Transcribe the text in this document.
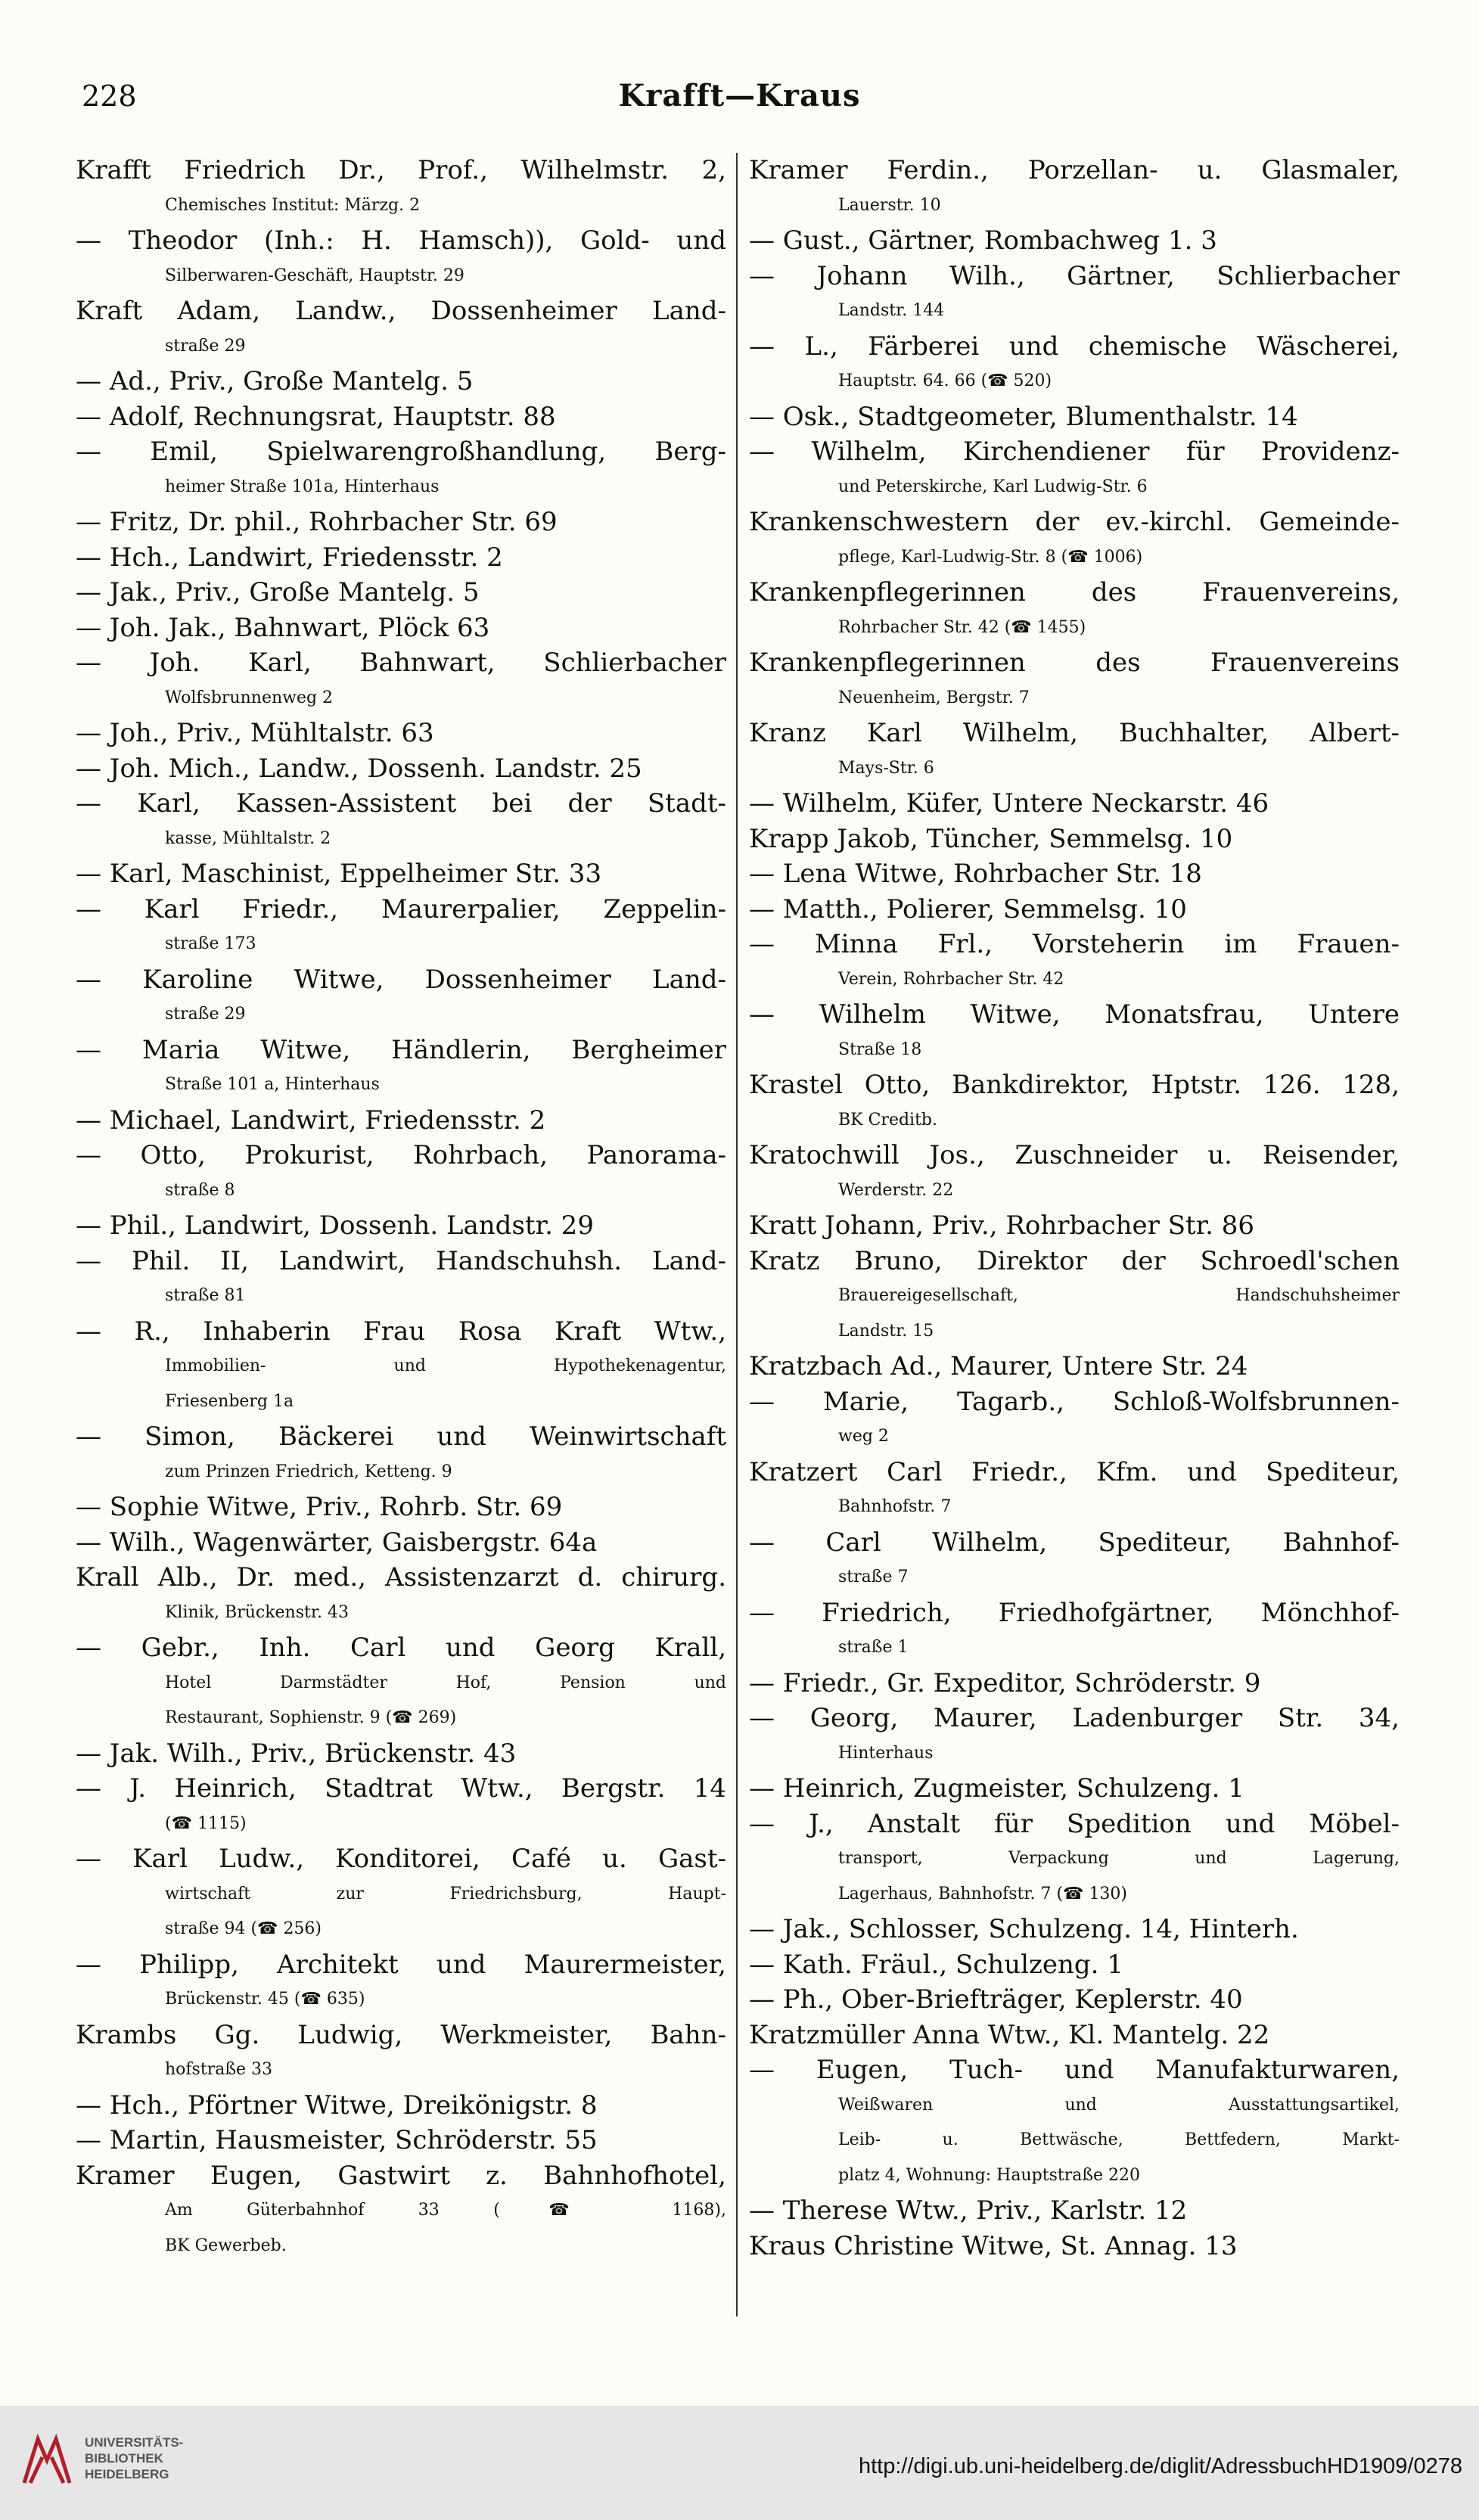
228	Krafft—Kraus
Krafft Friedrich Dr., Prof., Wilhelmstr. 2,
Chemisches Institut: Märzg. 2
— Theodor (Inh.: H. Hamsch)), Gold- und
Silberwaren-Geschäft, Hauptstr. 29
Kraft Adam, Landw., Dossenheimer Land-
straße 29
— Ad., Priv., Große Mantelg. 5
— Adolf, Rechnungsrat, Hauptstr. 88
— Emil, Spielwarengroßhandlung, Berg-
heimer Straße 101a, Hinterhaus
— Fritz, Dr. phil., Rohrbacher Str. 69
— Hch., Landwirt, Friedensstr. 2
— Jak., Priv., Große Mantelg. 5
— Joh. Jak., Bahnwart, Plöck 63
— Joh. Karl, Bahnwart, Schlierbacher
Wolfsbrunnenweg 2
— Joh., Priv., Mühltalstr. 63
— Joh. Mich., Landw., Dossenh. Landstr. 25
— Karl, Kassen-Assistent bei der Stadt-
kasse, Mühltalstr. 2
— Karl, Maschinist, Eppelheimer Str. 33
— Karl Friedr., Maurerpalier, Zeppelin-
straße 173
— Karoline Witwe, Dossenheimer Land-
straße 29
— Maria Witwe, Händlerin, Bergheimer
Straße 101 a, Hinterhaus
— Michael, Landwirt, Friedensstr. 2
— Otto, Prokurist, Rohrbach, Panorama-
straße 8
— Phil., Landwirt, Dossenh. Landstr. 29
— Phil. II, Landwirt, Handschuhsh. Land-
straße 81
— R., Inhaberin Frau Rosa Kraft Wtw.,
Immobilien- und Hypothekenagentur,
Friesenberg 1a
— Simon, Bäckerei und Weinwirtschaft
zum Prinzen Friedrich, Ketteng. 9
— Sophie Witwe, Priv., Rohrb. Str. 69
— Wilh., Wagenwärter, Gaisbergstr. 64a
Krall Alb., Dr. med., Assistenzarzt d. chirurg.
Klinik, Brückenstr. 43
— Gebr., Inh. Carl und Georg Krall,
Hotel Darmstädter Hof, Pension und
Restaurant, Sophienstr. 9 (☎ 269)
— Jak. Wilh., Priv., Brückenstr. 43
— J. Heinrich, Stadtrat Wtw., Bergstr. 14
(☎ 1115)
— Karl Ludw., Konditorei, Café u. Gast-
wirtschaft zur Friedrichsburg, Haupt-
straße 94 (☎ 256)
— Philipp, Architekt und Maurermeister,
Brückenstr. 45 (☎ 635)
Krambs Gg. Ludwig, Werkmeister, Bahn-
hofstraße 33
— Hch., Pförtner Witwe, Dreikönigstr. 8
— Martin, Hausmeister, Schröderstr. 55
Kramer Eugen, Gastwirt z. Bahnhofhotel,
Am Güterbahnhof 33 (☎ 1168),
BK Gewerbeb.
Kramer Ferdin., Porzellan- u. Glasmaler,
Lauerstr. 10
— Gust., Gärtner, Rombachweg 1. 3
— Johann Wilh., Gärtner, Schlierbacher
Landstr. 144
— L., Färberei und chemische Wäscherei,
Hauptstr. 64. 66 (☎ 520)
— Osk., Stadtgeometer, Blumenthalstr. 14
— Wilhelm, Kirchendiener für Providenz-
und Peterskirche, Karl Ludwig-Str. 6
Krankenschwestern der ev.-kirchl. Gemeinde-
pflege, Karl-Ludwig-Str. 8 (☎ 1006)
Krankenpflegerinnen des Frauenvereins,
Rohrbacher Str. 42 (☎ 1455)
Krankenpflegerinnen des Frauenvereins
Neuenheim, Bergstr. 7
Kranz Karl Wilhelm, Buchhalter, Albert-
Mays-Str. 6
— Wilhelm, Küfer, Untere Neckarstr. 46
Krapp Jakob, Tüncher, Semmelsg. 10
— Lena Witwe, Rohrbacher Str. 18
— Matth., Polierer, Semmelsg. 10
— Minna Frl., Vorsteherin im Frauen-
Verein, Rohrbacher Str. 42
— Wilhelm Witwe, Monatsfrau, Untere
Straße 18
Krastel Otto, Bankdirektor, Hptstr. 126. 128,
BK Creditb.
Kratochwill Jos., Zuschneider u. Reisender,
Werderstr. 22
Kratt Johann, Priv., Rohrbacher Str. 86
Kratz Bruno, Direktor der Schroedl'schen
Brauereigesellschaft, Handschuhsheimer
Landstr. 15
Kratzbach Ad., Maurer, Untere Str. 24
— Marie, Tagarb., Schloß-Wolfsbrunnen-
weg 2
Kratzert Carl Friedr., Kfm. und Spediteur,
Bahnhofstr. 7
— Carl Wilhelm, Spediteur, Bahnhof-
straße 7
— Friedrich, Friedhofgärtner, Mönchhof-
straße 1
— Friedr., Gr. Expeditor, Schröderstr. 9
— Georg, Maurer, Ladenburger Str. 34,
Hinterhaus
— Heinrich, Zugmeister, Schulzeng. 1
— J., Anstalt für Spedition und Möbel-
transport, Verpackung und Lagerung,
Lagerhaus, Bahnhofstr. 7 (☎ 130)
— Jak., Schlosser, Schulzeng. 14, Hinterh.
— Kath. Fräul., Schulzeng. 1
— Ph., Ober-Briefträger, Keplerstr. 40
Kratzmüller Anna Wtw., Kl. Mantelg. 22
— Eugen, Tuch- und Manufakturwaren,
Weißwaren und Ausstattungsartikel,
Leib- u. Bettwäsche, Bettfedern, Markt-
platz 4, Wohnung: Hauptstraße 220
— Therese Wtw., Priv., Karlstr. 12
Kraus Christine Witwe, St. Annag. 13
UNIVERSITÄTS-
BIBLIOTHEK
HEIDELBERG	http://digi.ub.uni-heidelberg.de/diglit/AdressbuchHD1909/0278
